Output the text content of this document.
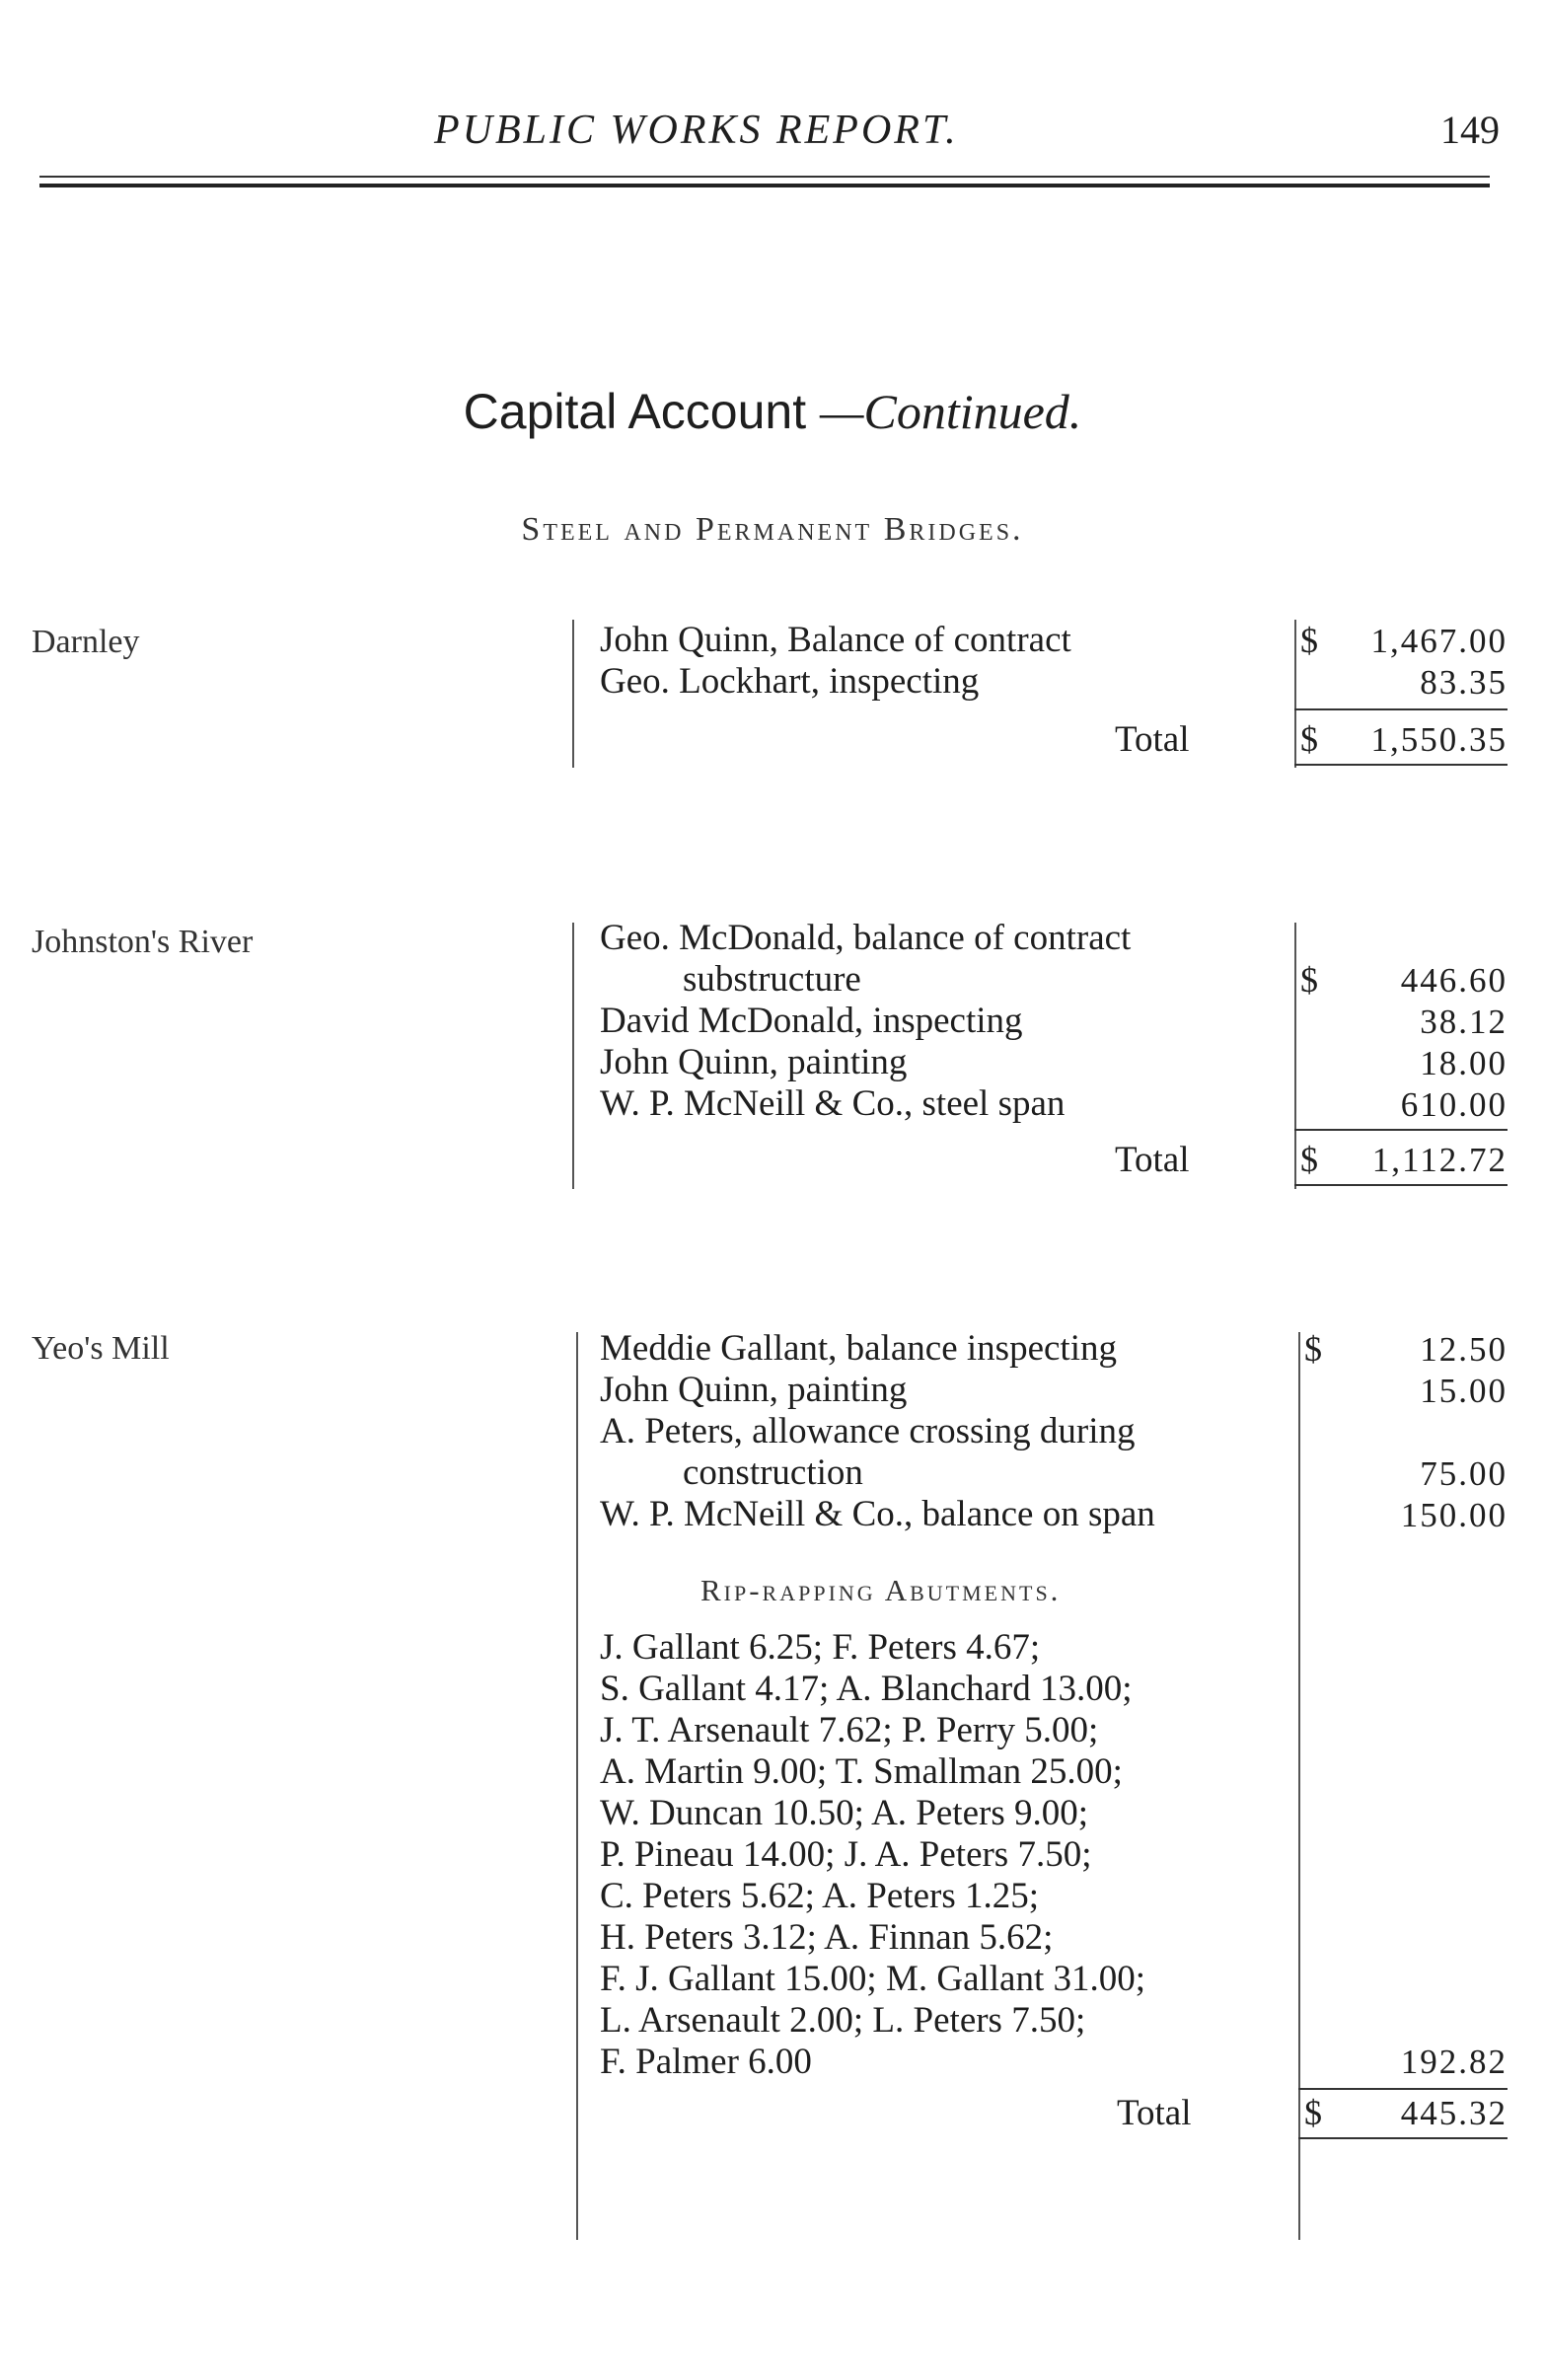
PUBLIC WORKS REPORT.	149
Capital Account —Continued.
Steel and Permanent Bridges.
Darnley	John Quinn, Balance of contract	$ 1,467.00
Geo. Lockhart, inspecting	83.35
Total	$ 1,550.35
Johnston's River	Geo. McDonald, balance of contract
substructure	$ 446.60
David McDonald, inspecting	38.12
John Quinn, painting	18.00
W. P. McNeill & Co., steel span	610.00
Total	$ 1,112.72
Yeo's Mill	Meddie Gallant, balance inspecting	$	12.50
John Quinn, painting	15.00
A. Peters, allowance crossing during
construction	75.00
W. P. McNeill & Co., balance on span	150.00
Rip-rapping Abutments.
J. Gallant 6.25; F. Peters 4.67;
S. Gallant 4.17; A. Blanchard 13.00;
J. T. Arsenault 7.62; P. Perry 5.00;
A. Martin 9.00; T. Smallman 25.00;
W. Duncan 10.50; A. Peters 9.00;
P. Pineau 14.00; J. A. Peters 7.50;
C. Peters 5.62; A. Peters 1.25;
H. Peters 3.12; A. Finnan 5.62;
F. J. Gallant 15.00; M. Gallant 31.00;
L. Arsenault 2.00; L. Peters 7.50;
F. Palmer 6.00	192.82
Total	$ 445.32
